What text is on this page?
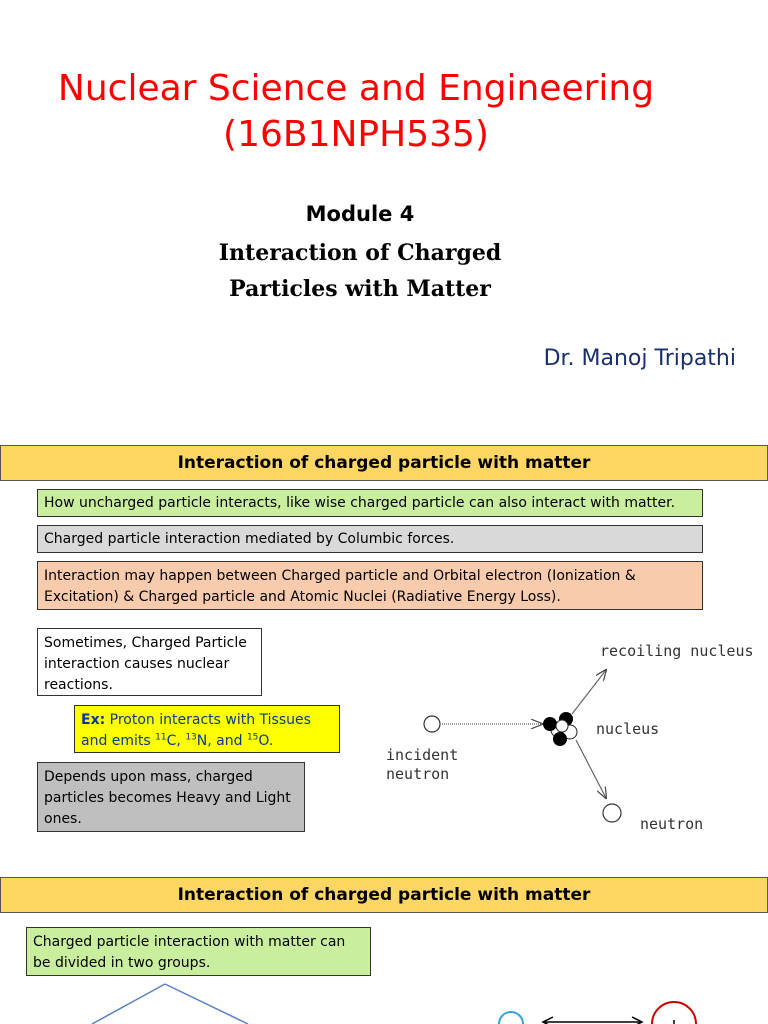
Nuclear Science and Engineering
(16B1NPH535)
Module 4
Interaction of Charged
Particles with Matter
Dr. Manoj Tripathi
Interaction of charged particle with matter
How uncharged particle interacts, like wise charged particle can also interact with matter.
Charged particle interaction mediated by Columbic forces.
Interaction may happen between Charged particle and Orbital electron (Ionization & Excitation) & Charged particle and Atomic Nuclei (Radiative Energy Loss).
Sometimes, Charged Particle interaction causes nuclear reactions.
Ex: Proton interacts with Tissues and emits $^{11}$C, $^{13}$N, and $^{15}$O.
Depends upon mass, charged particles becomes Heavy and Light ones.
recoiling nucleus
nucleus
incident
neutron
neutron
Interaction of charged particle with matter
Charged particle interaction with matter can be divided in two groups.
